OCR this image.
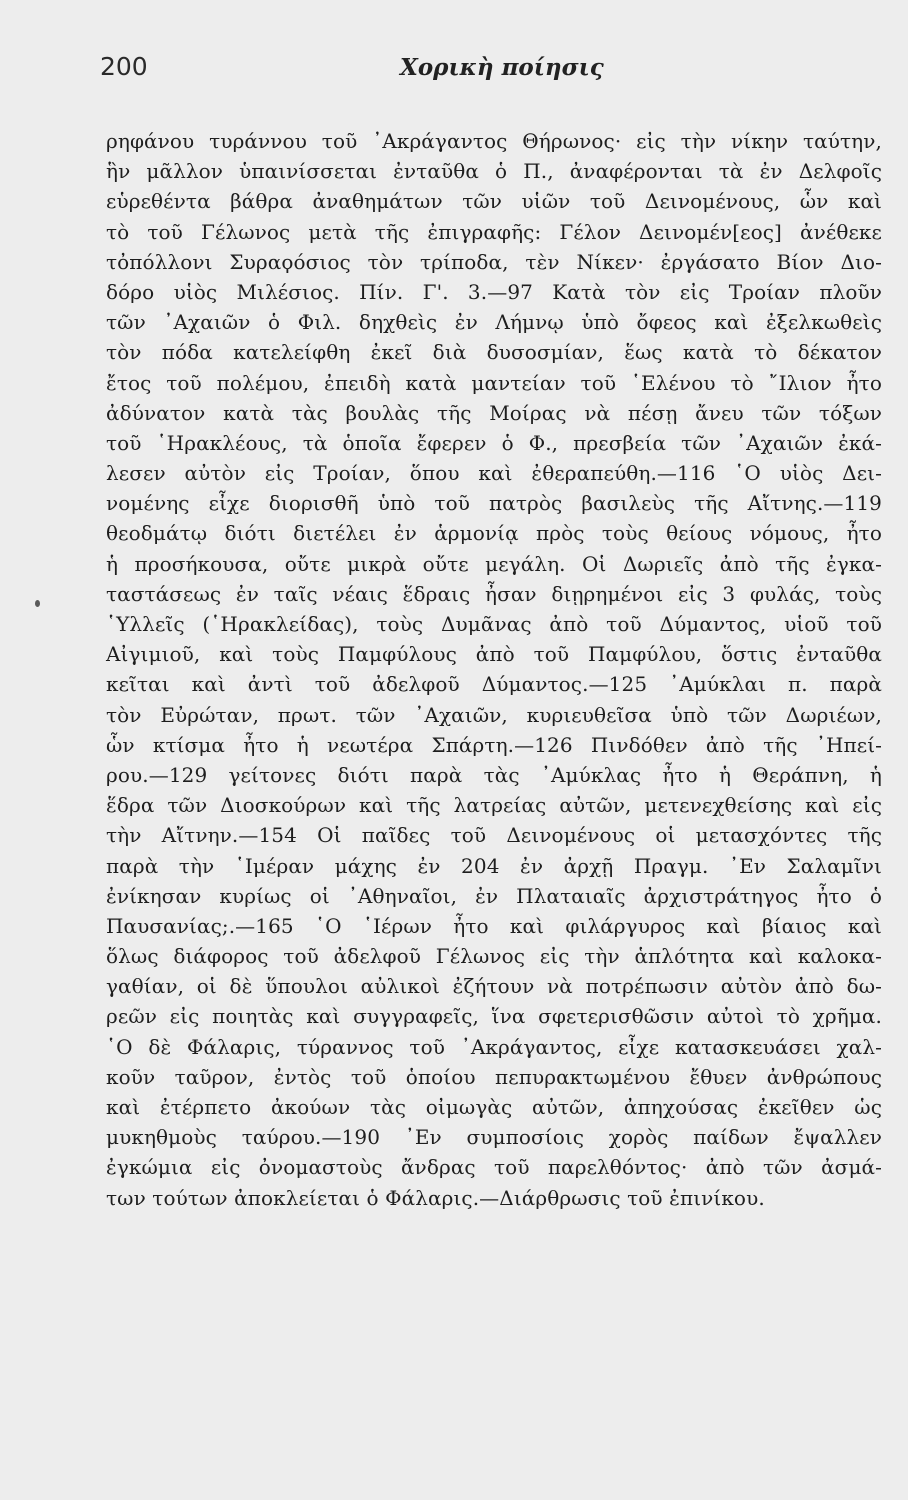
200	Χορικὴ ποίησις
ρηφάνου τυράννου τοῦ ᾿Ακράγαντος Θήρωνος· εἰς τὴν νίκην ταύτην,
ἣν μᾶλλον ὑπαινίσσεται ἐνταῦθα ὁ Π., ἀναφέρονται τὰ ἐν Δελφοῖς
εὑρεθέντα βάθρα ἀναθημάτων τῶν υἱῶν τοῦ Δεινομένους, ὧν καὶ
τὸ τοῦ Γέλωνος μετὰ τῆς ἐπιγραφῆς: Γέλον Δεινομέν[εος] ἀνέθεκε
τὀπόλλονι Συραϙόσιος τὸν τρίποδα, τὲν Νίκεν· ἐργάσατο Βίον Διο-
δόρο υἱὸς Μιλέσιος. Πίν. Γ'. 3.—97 Κατὰ τὸν εἰς Τροίαν πλοῦν
τῶν ᾿Αχαιῶν ὁ Φιλ. δηχθεὶς ἐν Λήμνῳ ὑπὸ ὄφεος καὶ ἐξελκωθεὶς
τὸν πόδα κατελείφθη ἐκεῖ διὰ δυσοσμίαν, ἕως κατὰ τὸ δέκατον
ἔτος τοῦ πολέμου, ἐπειδὴ κατὰ μαντείαν τοῦ ῾Ελένου τὸ ῎Ιλιον ἦτο
ἀδύνατον κατὰ τὰς βουλὰς τῆς Μοίρας νὰ πέσῃ ἄνευ τῶν τόξων
τοῦ ῾Ηρακλέους, τὰ ὁποῖα ἔφερεν ὁ Φ., πρεσβεία τῶν ᾿Αχαιῶν ἐκά-
λεσεν αὐτὸν εἰς Τροίαν, ὅπου καὶ ἐθεραπεύθη.—116 ῾Ο υἱὸς Δει-
νομένης εἶχε διορισθῆ ὑπὸ τοῦ πατρὸς βασιλεὺς τῆς Αἴτνης.—119
θεοδμάτῳ διότι διετέλει ἐν ἁρμονίᾳ πρὸς τοὺς θείους νόμους, ἦτο
ἡ προσήκουσα, οὔτε μικρὰ οὔτε μεγάλη. Οἱ Δωριεῖς ἀπὸ τῆς ἐγκα-
ταστάσεως ἐν ταῖς νέαις ἕδραις ἦσαν διῃρημένοι εἰς 3 φυλάς, τοὺς
῾Υλλεῖς (῾Ηρακλείδας), τοὺς Δυμᾶνας ἀπὸ τοῦ Δύμαντος, υἱοῦ τοῦ
Αἰγιμιοῦ, καὶ τοὺς Παμφύλους ἀπὸ τοῦ Παμφύλου, ὅστις ἐνταῦθα
κεῖται καὶ ἀντὶ τοῦ ἀδελφοῦ Δύμαντος.—125 ᾿Αμύκλαι π. παρὰ
τὸν Εὐρώταν, πρωτ. τῶν ᾿Αχαιῶν, κυριευθεῖσα ὑπὸ τῶν Δωριέων,
ὧν κτίσμα ἦτο ἡ νεωτέρα Σπάρτη.—126 Πινδόθεν ἀπὸ τῆς ᾿Ηπεί-
ρου.—129 γείτονες διότι παρὰ τὰς ᾿Αμύκλας ἦτο ἡ Θεράπνη, ἡ
ἕδρα τῶν Διοσκούρων καὶ τῆς λατρείας αὐτῶν, μετενεχθείσης καὶ εἰς
τὴν Αἴτνην.—154 Οἱ παῖδες τοῦ Δεινομένους οἱ μετασχόντες τῆς
παρὰ τὴν ῾Ιμέραν μάχης ἐν 204 ἐν ἀρχῇ Πραγμ. ᾿Εν Σαλαμῖνι
ἐνίκησαν κυρίως οἱ ᾿Αθηναῖοι, ἐν Πλαταιαῖς ἀρχιστράτηγος ἦτο ὁ
Παυσανίας;.—165 ῾Ο ῾Ιέρων ἦτο καὶ φιλάργυρος καὶ βίαιος καὶ
ὅλως διάφορος τοῦ ἀδελφοῦ Γέλωνος εἰς τὴν ἁπλότητα καὶ καλοκα-
γαθίαν, οἱ δὲ ὕπουλοι αὐλικοὶ ἐζήτουν νὰ ποτρέπωσιν αὐτὸν ἀπὸ δω-
ρεῶν εἰς ποιητὰς καὶ συγγραφεῖς, ἵνα σφετερισθῶσιν αὐτοὶ τὸ χρῆμα.
῾Ο δὲ Φάλαρις, τύραννος τοῦ ᾿Ακράγαντος, εἶχε κατασκευάσει χαλ-
κοῦν ταῦρον, ἐντὸς τοῦ ὁποίου πεπυρακτωμένου ἔθυεν ἀνθρώπους
καὶ ἐτέρπετο ἀκούων τὰς οἰμωγὰς αὐτῶν, ἀπηχούσας ἐκεῖθεν ὡς
μυκηθμοὺς ταύρου.—190 ᾿Εν συμποσίοις χορὸς παίδων ἔψαλλεν
ἐγκώμια εἰς ὀνομαστοὺς ἄνδρας τοῦ παρελθόντος· ἀπὸ τῶν ἀσμά-
των τούτων ἀποκλείεται ὁ Φάλαρις.—Διάρθρωσις τοῦ ἐπινίκου.
